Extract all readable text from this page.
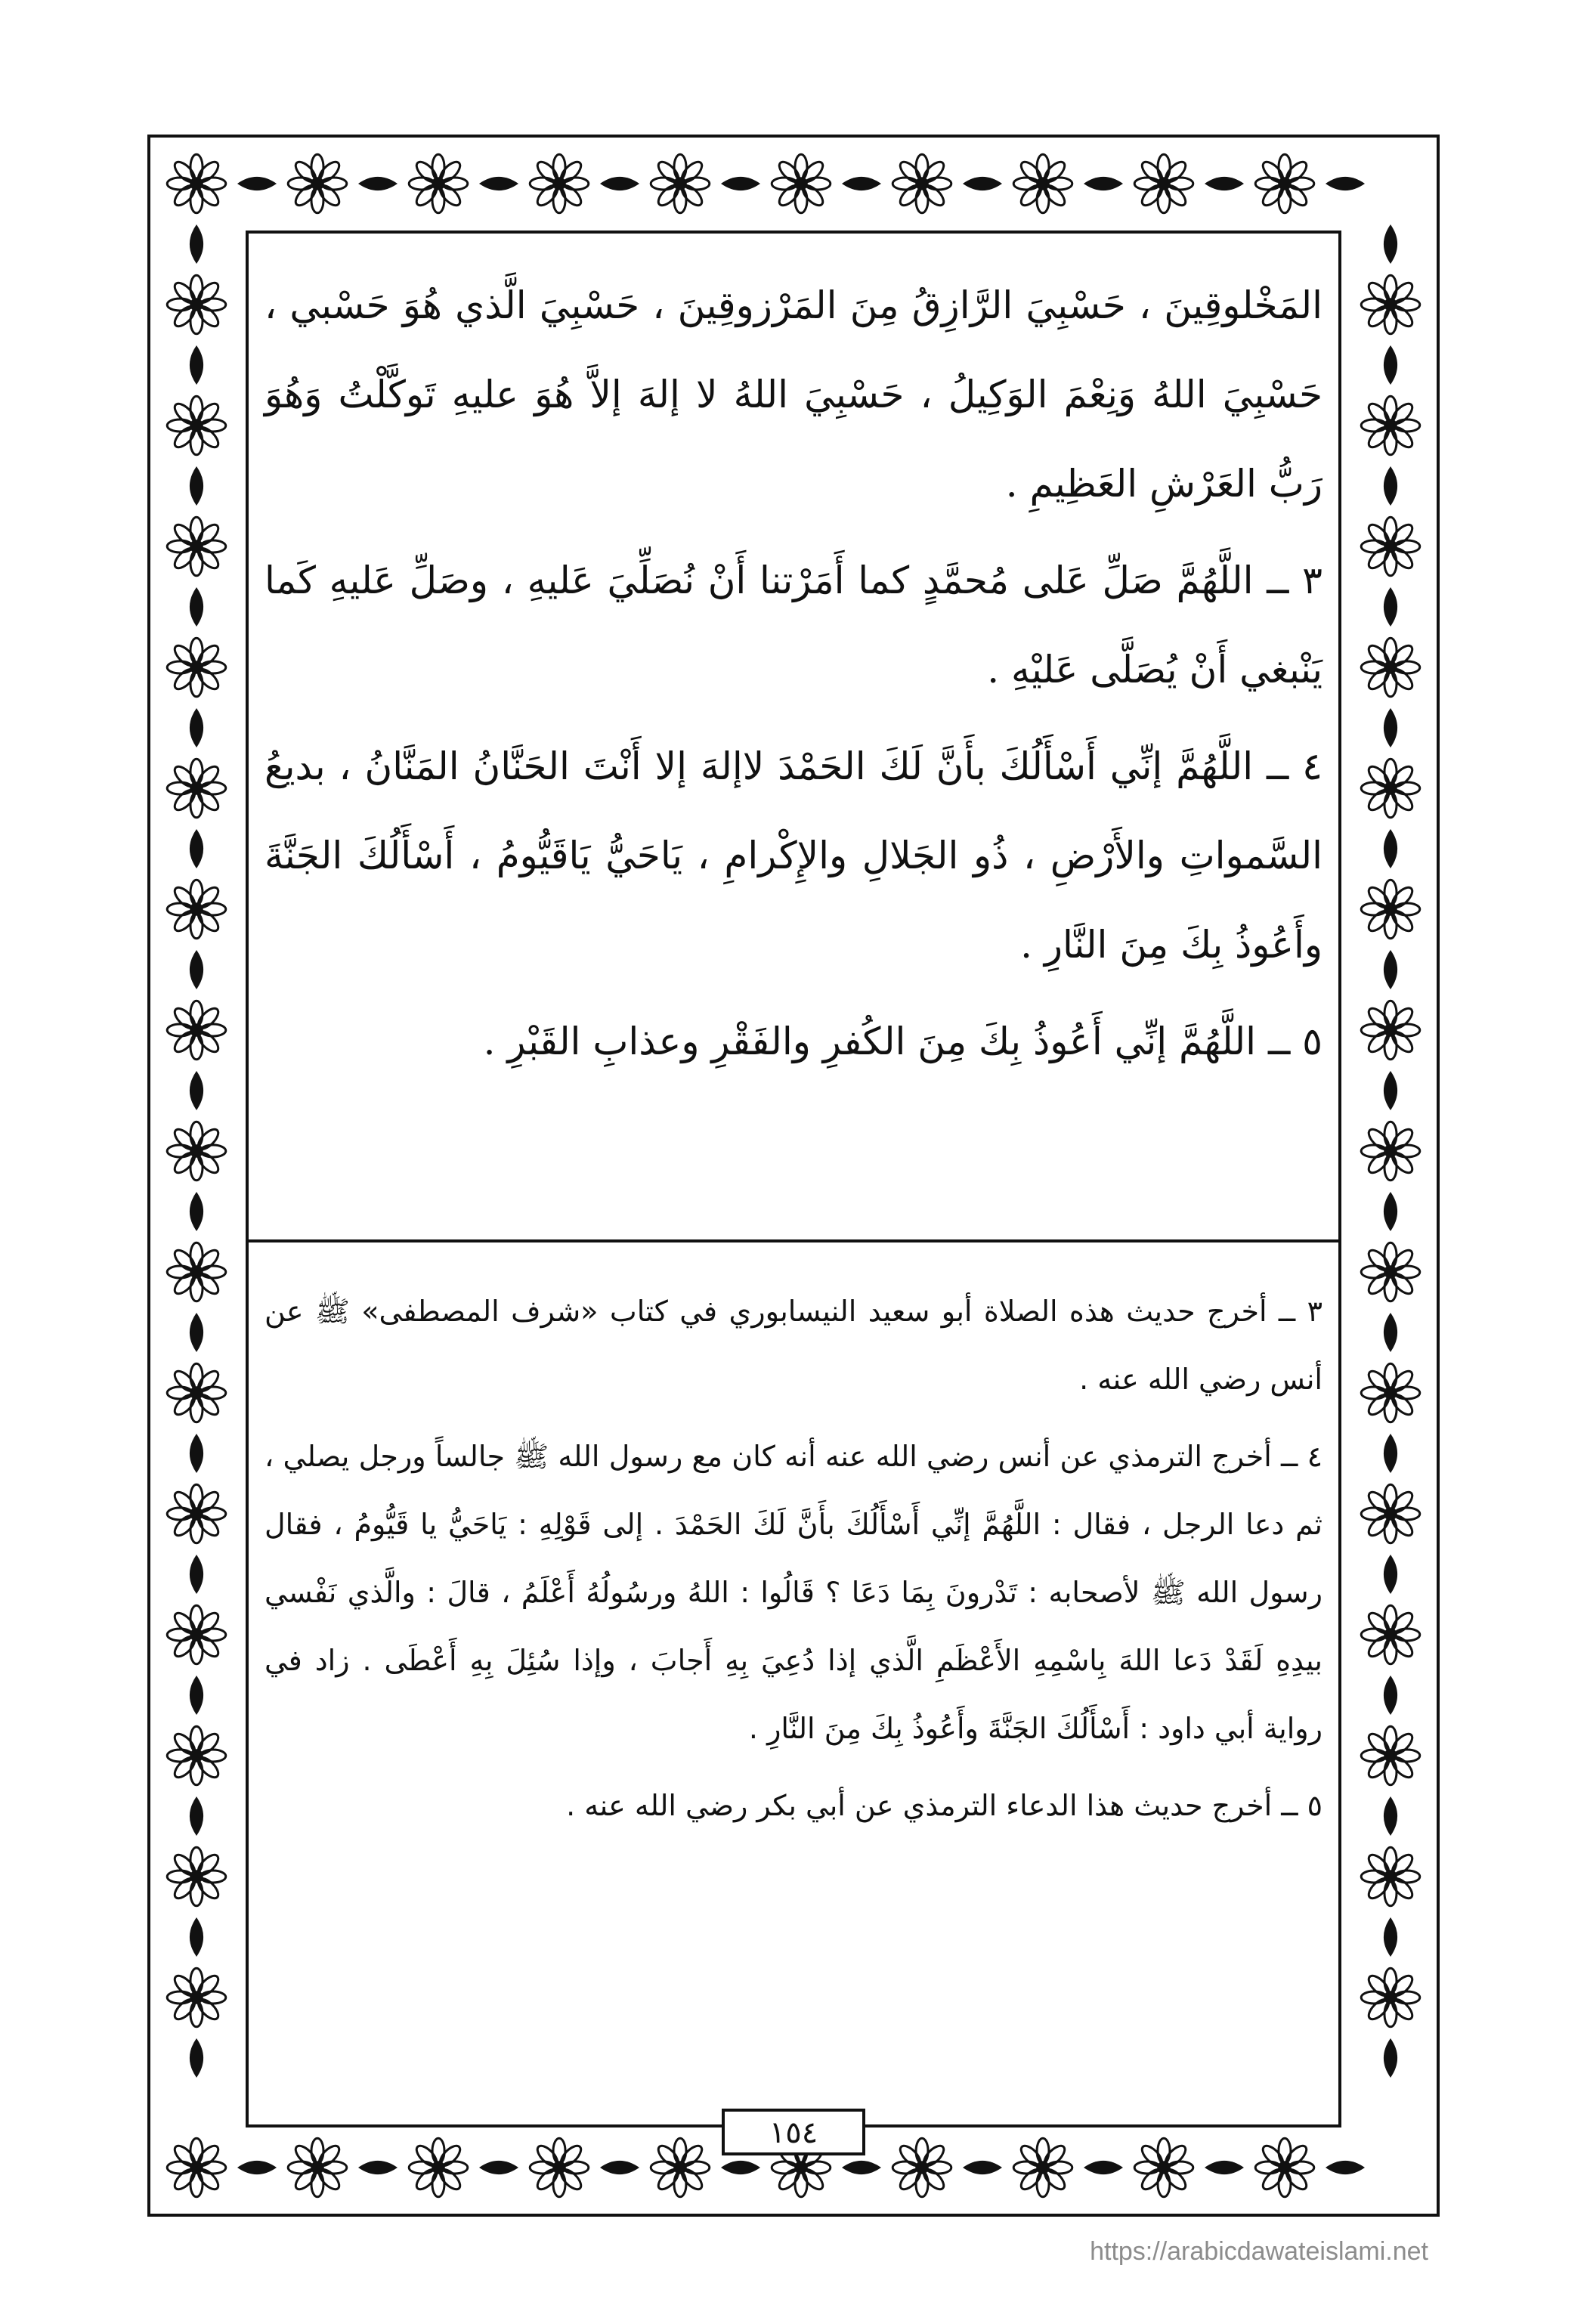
المَخْلوقِينَ ، حَسْبِيَ الرَّازِقُ مِنَ المَرْزوقِينَ ، حَسْبِيَ الَّذي هُوَ حَسْبي ، حَسْبِيَ اللهُ وَنِعْمَ الوَكِيلُ ، حَسْبِيَ اللهُ لا إلهَ إلاَّ هُوَ عليهِ تَوكَّلْتُ وَهُوَ رَبُّ العَرْشِ العَظِيمِ .

٣ ــ اللَّهُمَّ صَلِّ عَلى مُحمَّدٍ كما أَمَرْتنا أَنْ نُصَلِّيَ عَليهِ ، وصَلِّ عَليهِ كَما يَنْبغي أَنْ يُصَلَّى عَليْهِ .

٤ ــ اللَّهُمَّ إنِّي أَسْأَلُكَ بأَنَّ لَكَ الحَمْدَ لاإلهَ إلا أَنْتَ الحَنَّانُ المَنَّانُ ، بديعُ السَّمواتِ والأَرْضِ ، ذُو الجَلالِ والإِكْرامِ ، يَاحَيُّ يَاقَيُّومُ ، أَسْأَلُكَ الجَنَّةَ وأَعُوذُ بِكَ مِنَ النَّارِ .

٥ ــ اللَّهُمَّ إنِّي أَعُوذُ بِكَ مِنَ الكُفرِ والفَقْرِ وعذابِ القَبْرِ .

٣ ــ أخرج حديث هذه الصلاة أبو سعيد النيسابوري في كتاب «شرف المصطفى» ﷺ عن أنس رضي الله عنه .

٤ ــ أخرج الترمذي عن أنس رضي الله عنه أنه كان مع رسول الله ﷺ جالساً ورجل يصلي ، ثم دعا الرجل ، فقال : اللَّهُمَّ إنِّي أَسْأَلُكَ بأَنَّ لَكَ الحَمْدَ . إلى قَوْلِهِ : يَاحَيُّ يا قَيُّومُ ، فقال رسول الله ﷺ لأصحابه : تَدْرونَ بِمَا دَعَا ؟ قَالُوا : اللهُ ورسُولُهُ أَعْلَمُ ، قالَ : والَّذي نَفْسي بيدِهِ لَقَدْ دَعا اللهَ بِاسْمِهِ الأَعْظَمِ الَّذي إذا دُعِيَ بِهِ أَجابَ ، وإذا سُئِلَ بِهِ أَعْطَى . زاد في رواية أبي داود : أَسْأَلُكَ الجَنَّةَ وأَعُوذُ بِكَ مِنَ النَّارِ .

٥ ــ أخرج حديث هذا الدعاء الترمذي عن أبي بكر رضي الله عنه .

١٥٤
https://arabicdawateislami.net
